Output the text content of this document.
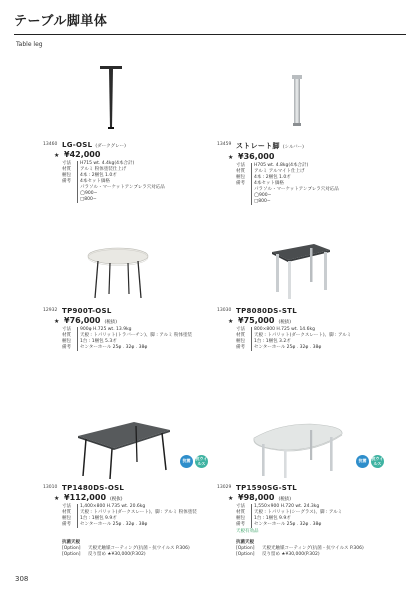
テーブル脚単体
Table leg
13460 LG-OSL (ダークグレー)
★ ¥42,000
寸法	H715 wt. 4.4kg(4本合計)
材質	アルミ 粉体塗装仕上げ
梱包	4本 : 2梱包 1.0才
備考	4本セット価格
パラソル・マーケットアンブレラ穴対応品
◯900−
□800−
13459 ストレート脚 (シルバー)
★ ¥36,000
寸法	H705 wt. 4.8kg(4本合計)
材質	アルミ アルマイト仕上げ
梱包	4本 : 2梱包 1.0才
備考	4本セット価格
パラソル・マーケットアンブレラ穴対応品
◯900−
□800−
12932 TP900T-OSL
★ ¥76,000 (税抜)
寸法	900φ H.725 wt. 13.9kg
材質	天板 : トパリット(トラバーチン)、脚 : アルミ 粉体塗装
梱包	1台 : 1梱包 5.3才
備考	センターホール 25φ . 32φ . 38φ
13030 TP8080DS-STL
★ ¥75,000 (税抜)
寸法	800×800 H.725 wt. 14.6kg
材質	天板 : トパリット(ダークスレート)、脚 : アルミ
梱包	1台 : 1梱包 3.2才
備考	センターホール 25φ . 32φ . 38φ
抗菌	抗ウイルス
13010 TP1480DS-OSL
★ ¥112,000 (税抜)
寸法	1,400×800 H.735 wt. 20.6kg
材質	天板 : トパリット(ダークスレート)、脚 : アルミ 粉体塗装
梱包	1台 : 1梱包 9.9才
備考	センターホール 25φ . 32φ . 38φ
抗菌	抗ウイルス
13029 TP1590SG-STL
★ ¥98,000 (税抜)
寸法	1,550×900 H.720 wt. 24.3kg
材質	天板 : トパリット(シーグラス)、脚 : アルミ
梱包	1台 : 1梱包 9.9才
備考	センターホール 25φ . 32φ . 38φ
天板有効品
抗菌天板
[Option]	天板光触媒コーティング(抗菌・抗ウイルス P.306)
[Option]	反り留め ★¥30,000(P.302)
抗菌天板
[Option]	天板光触媒コーティング(抗菌・抗ウイルス P.306)
[Option]	反り留め ★¥30,000(P.302)
308
